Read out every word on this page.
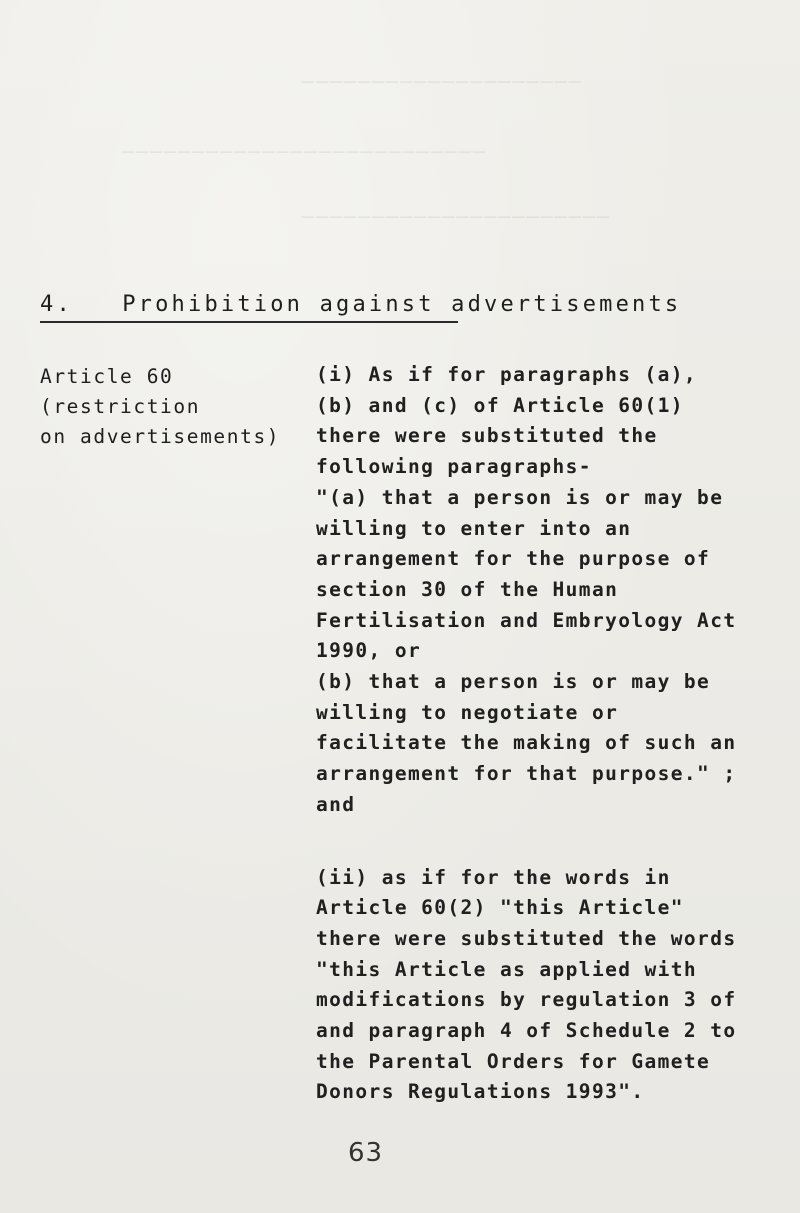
────────────────────
──────────────────────────
──────────────────────
4.   Prohibition against advertisements
Article 60 (restriction
on advertisements)
(i) As if for paragraphs (a),
(b) and (c) of Article 60(1)
there were substituted the
following paragraphs-
"(a) that a person is or may be
willing to enter into an
arrangement for the purpose of
section 30 of the Human
Fertilisation and Embryology Act
1990, or
(b) that a person is or may be
willing to negotiate or
facilitate the making of such an
arrangement for that purpose." ;
and
(ii) as if for the words in
Article 60(2) "this Article"
there were substituted the words
"this Article as applied with
modifications by regulation 3 of
and paragraph 4 of Schedule 2 to
the Parental Orders for Gamete
Donors Regulations 1993".
63
